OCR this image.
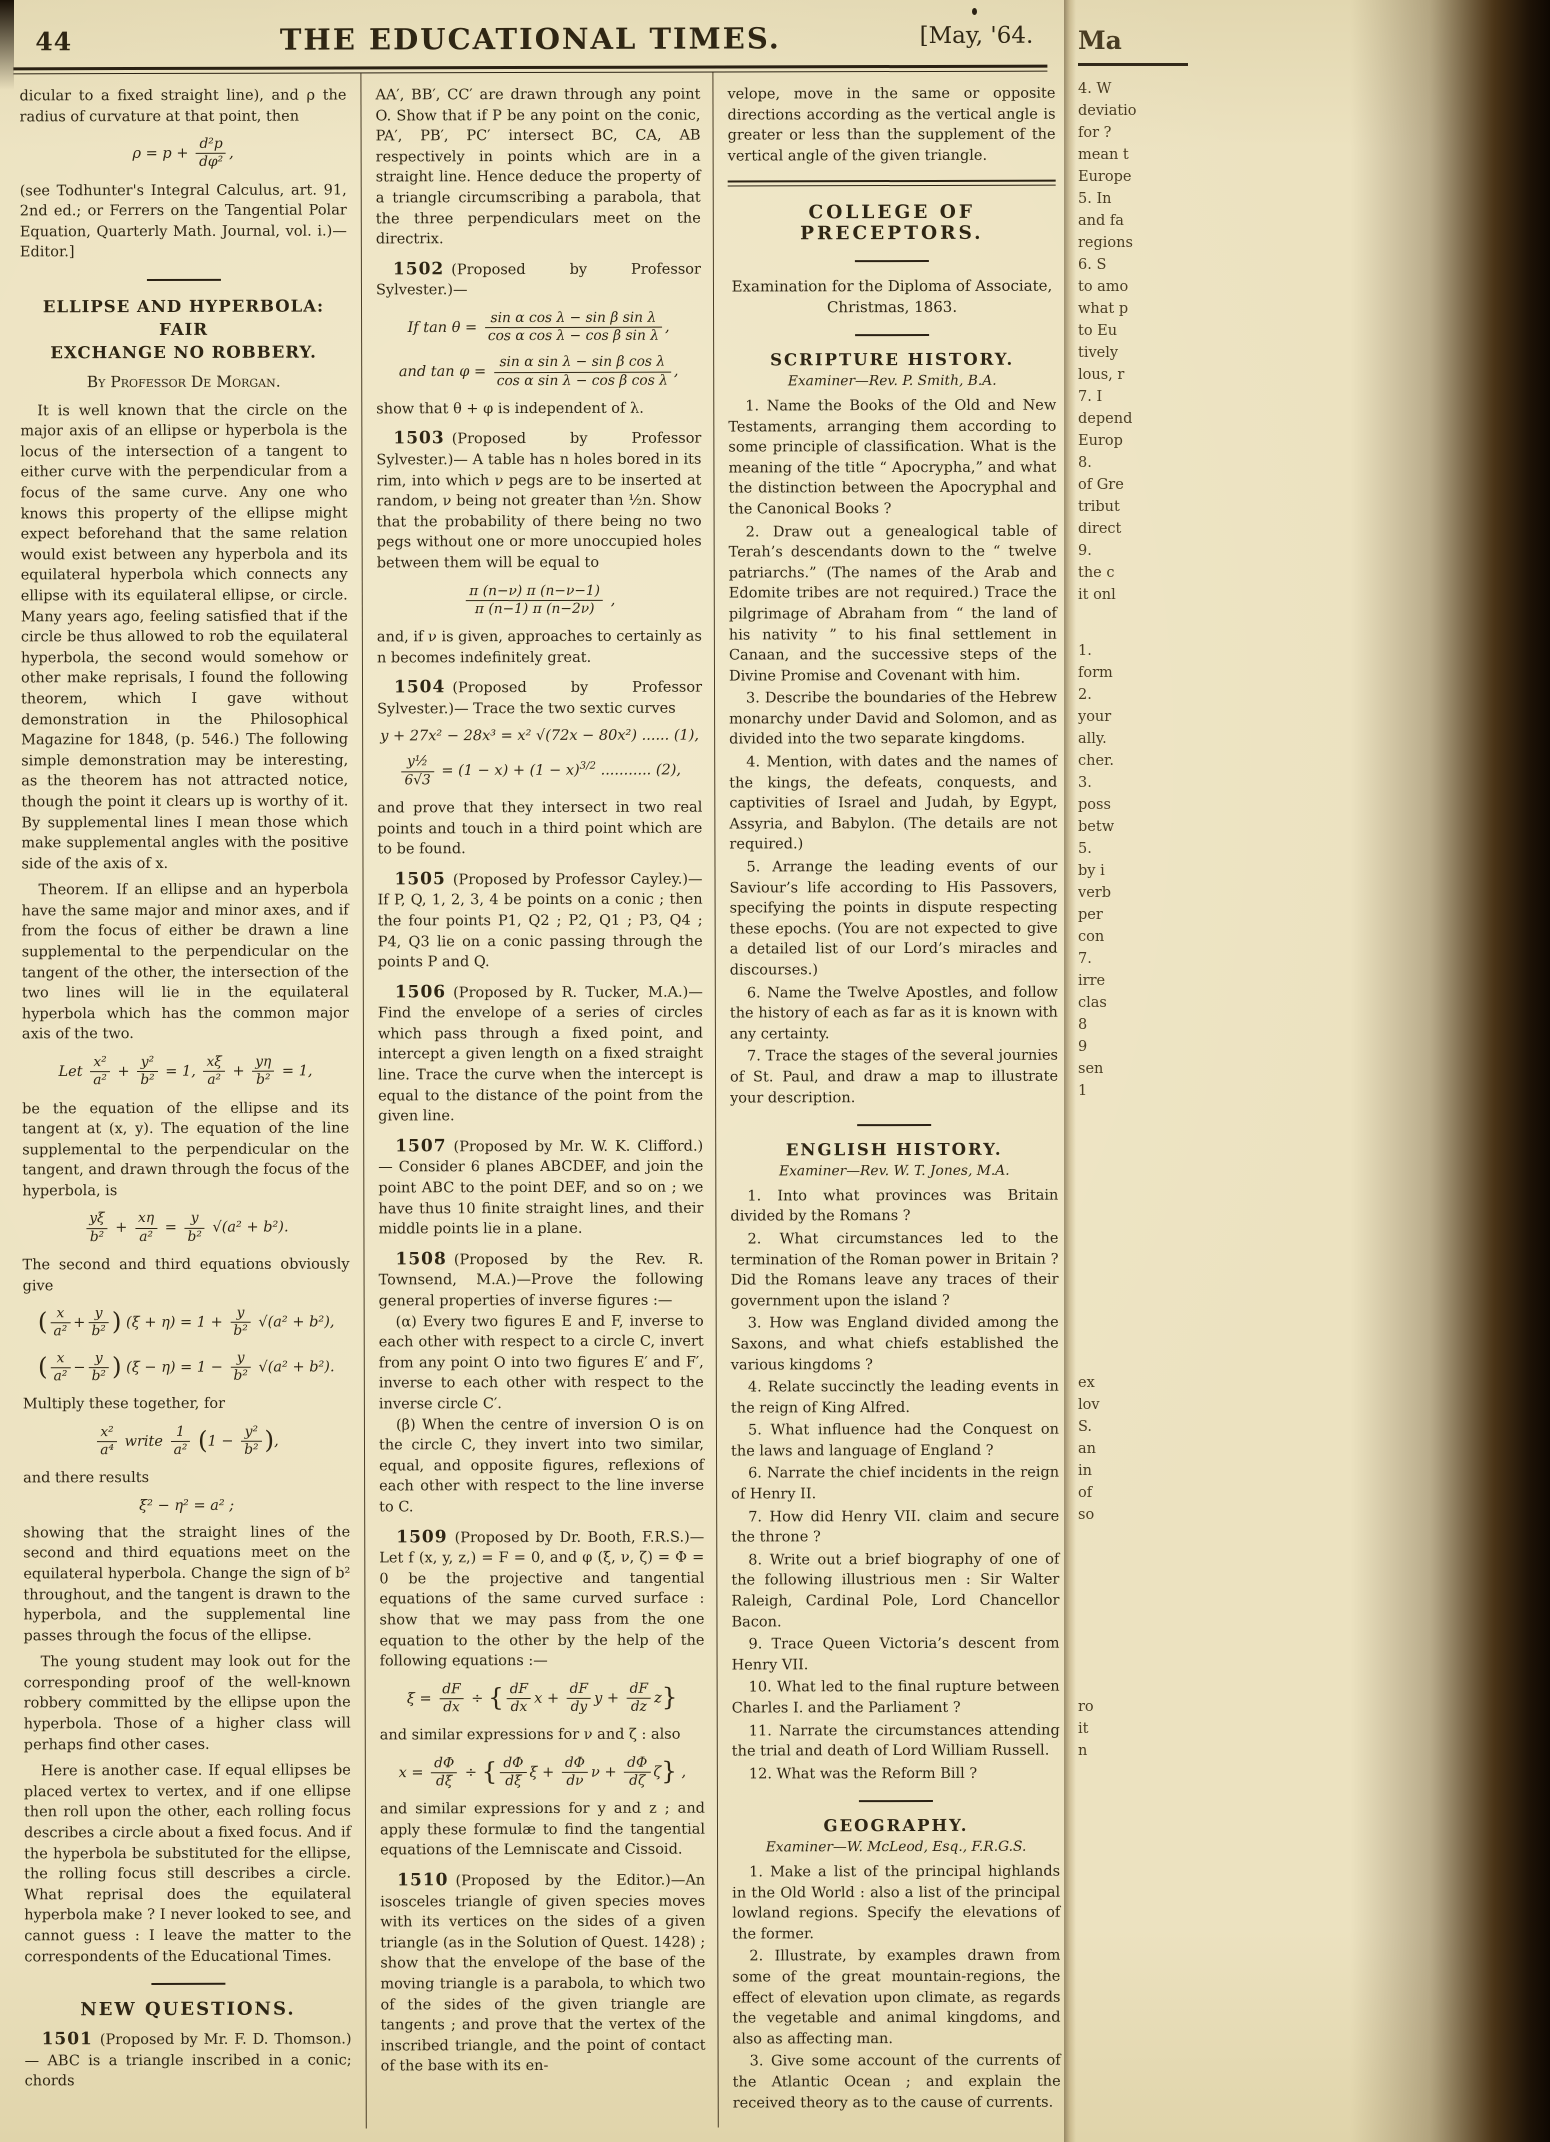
44	THE EDUCATIONAL TIMES.	[May, '64.

dicular to a fixed straight line), and ρ the radius of curvature at that point, then

$\rho = p + \frac{\text{d²p}}{\text{dφ²}}$ ,

(see Todhunter's Integral Calculus, art. 91, 2nd ed.; or Ferrers on the Tangential Polar Equation, Quarterly Math. Journal, vol. i.)—Editor.]

ELLIPSE AND HYPERBOLA: FAIR
EXCHANGE NO ROBBERY.

By Professor De Morgan.

It is well known that the circle on the major axis of an ellipse or hyperbola is the locus of the intersection of a tangent to either curve with the perpendicular from a focus of the same curve. Any one who knows this property of the ellipse might expect beforehand that the same relation would exist between any hyperbola and its equilateral hyperbola which connects any ellipse with its equilateral ellipse, or circle. Many years ago, feeling satisfied that if the circle be thus allowed to rob the equilateral hyperbola, the second would somehow or other make reprisals, I found the following theorem, which I gave without demonstration in the Philosophical Magazine for 1848, (p. 546.) The following simple demonstration may be interesting, as the theorem has not attracted notice, though the point it clears up is worthy of it. By supplemental lines I mean those which make supplemental angles with the positive side of the axis of x.

Theorem. If an ellipse and an hyperbola have the same major and minor axes, and if from the focus of either be drawn a line supplemental to the perpendicular on the tangent of the other, the intersection of the two lines will lie in the equilateral hyperbola which has the common major axis of the two.

Let $\frac{\text{x²}}{\text{a²}} + \frac{\text{y²}}{\text{b²}} = 1$, $\frac{x\xi}{\text{a²}} + \frac{y\eta}{\text{b²}} = 1$,

be the equation of the ellipse and its tangent at (x, y). The equation of the line supplemental to the perpendicular on the tangent, and drawn through the focus of the hyperbola, is

$\frac{y\xi}{\text{b²}} + \frac{x\eta}{\text{a²}} = \frac{y}{\text{b²}} √(a^2 + b^2)$.

The second and third equations obviously give

( $\frac{x}{\text{a²}} + \frac{y}{\text{b²}}$ ) $(\xi + \eta) = 1 + \frac{y}{\text{b²}} √(a^2 + b^2)$,
( $\frac{x}{\text{a²}} - \frac{y}{\text{b²}}$ ) $(\xi - \eta) = 1 - \frac{y}{\text{b²}} √(a^2 + b^2)$.

Multiply these together, for

$\frac{\text{x²}}{\text{a⁴}}$ write $\frac{1}{\text{a²}} (1 - \frac{\text{y²}}{\text{b²}}$ ),

and there results

ξ² − η² = a² ;

showing that the straight lines of the second and third equations meet on the equilateral hyperbola. Change the sign of b² throughout, and the tangent is drawn to the hyperbola, and the supplemental line passes through the focus of the ellipse.

The young student may look out for the corresponding proof of the well-known robbery committed by the ellipse upon the hyperbola. Those of a higher class will perhaps find other cases.

Here is another case. If equal ellipses be placed vertex to vertex, and if one ellipse then roll upon the other, each rolling focus describes a circle about a fixed focus. And if the hyperbola be substituted for the ellipse, the rolling focus still describes a circle. What reprisal does the equilateral hyperbola make ? I never looked to see, and cannot guess : I leave the matter to the correspondents of the Educational Times.

NEW QUESTIONS.

1501 (Proposed by Mr. F. D. Thomson.)— ABC is a triangle inscribed in a conic; chords

AA′, BB′, CC′ are drawn through any point O. Show that if P be any point on the conic, PA′, PB′, PC′ intersect BC, CA, AB respectively in points which are in a straight line. Hence deduce the property of a triangle circumscribing a parabola, that the three perpendiculars meet on the directrix.

1502 (Proposed by Professor Sylvester.)—

If $\tan \theta = \frac{\text{sin α cos λ − sin β sin λ}}{\text{cos α cos λ − cos β sin λ}}$ ,
and $\tan \varphi = \frac{\text{sin α sin λ − sin β cos λ}}{\text{cos α sin λ − cos β cos λ}}$ ,

show that θ + φ is independent of λ.

1503 (Proposed by Professor Sylvester.)— A table has n holes bored in its rim, into which ν pegs are to be inserted at random, ν being not greater than ½n. Show that the probability of there being no two pegs without one or more unoccupied holes between them will be equal to

$\frac{\pi (n-\nu) \pi (n-\nu-1)}{\pi (n-1) \pi (n-2\nu)}$ ,

and, if ν is given, approaches to certainly as n becomes indefinitely great.

1504 (Proposed by Professor Sylvester.)— Trace the two sextic curves

y + 27x² − 28x³ = x² √(72x − 80x²) ...... (1),
$\frac{\text{y½}}{6√3} = (1 - x) + (1 - x)^{3/2}$ ........... (2),

and prove that they intersect in two real points and touch in a third point which are to be found.

1505 (Proposed by Professor Cayley.)—If P, Q, 1, 2, 3, 4 be points on a conic ; then the four points P1, Q2 ; P2, Q1 ; P3, Q4 ; P4, Q3 lie on a conic passing through the points P and Q.

1506 (Proposed by R. Tucker, M.A.)—Find the envelope of a series of circles which pass through a fixed point, and intercept a given length on a fixed straight line. Trace the curve when the intercept is equal to the distance of the point from the given line.

1507 (Proposed by Mr. W. K. Clifford.)— Consider 6 planes ABCDEF, and join the point ABC to the point DEF, and so on ; we have thus 10 finite straight lines, and their middle points lie in a plane.

1508 (Proposed by the Rev. R. Townsend, M.A.)—Prove the following general properties of inverse figures :—

(α) Every two figures E and F, inverse to each other with respect to a circle C, invert from any point O into two figures E′ and F′, inverse to each other with respect to the inverse circle C′.

(β) When the centre of inversion O is on the circle C, they invert into two similar, equal, and opposite figures, reflexions of each other with respect to the line inverse to C.

1509 (Proposed by Dr. Booth, F.R.S.)—Let f (x, y, z,) = F = 0, and φ (ξ, ν, ζ) = Φ = 0 be the projective and tangential equations of the same curved surface : show that we may pass from the one equation to the other by the help of the following equations :—

$\xi = \frac{dF}{dx}$ ÷ { $\frac{dF}{dx}$ $x + \frac{dF}{dy}$ $y + \frac{dF}{dz} z$}

and similar expressions for ν and ζ : also

$x = \frac{d\Phi}{d\xi}$ ÷ { $\frac{d\Phi}{d\xi}$ $\xi + \frac{d\Phi}{d\nu}$ $\nu + \frac{d\Phi}{d\zeta} \zeta$} ,

and similar expressions for y and z ; and apply these formulæ to find the tangential equations of the Lemniscate and Cissoid.

1510 (Proposed by the Editor.)—An isosceles triangle of given species moves with its vertices on the sides of a given triangle (as in the Solution of Quest. 1428) ; show that the envelope of the base of the moving triangle is a parabola, to which two of the sides of the given triangle are tangents ; and prove that the vertex of the inscribed triangle, and the point of contact of the base with its en-

velope, move in the same or opposite directions according as the vertical angle is greater or less than the supplement of the vertical angle of the given triangle.

COLLEGE OF PRECEPTORS.

Examination for the Diploma of Associate,

Christmas, 1863.

SCRIPTURE HISTORY.

Examiner—Rev. P. Smith, B.A.

1. Name the Books of the Old and New Testaments, arranging them according to some principle of classification. What is the meaning of the title “ Apocrypha,” and what the distinction between the Apocryphal and the Canonical Books ?

2. Draw out a genealogical table of Terah’s descendants down to the “ twelve patriarchs.” (The names of the Arab and Edomite tribes are not required.) Trace the pilgrimage of Abraham from “ the land of his nativity ” to his final settlement in Canaan, and the successive steps of the Divine Promise and Covenant with him.

3. Describe the boundaries of the Hebrew monarchy under David and Solomon, and as divided into the two separate kingdoms.

4. Mention, with dates and the names of the kings, the defeats, conquests, and captivities of Israel and Judah, by Egypt, Assyria, and Babylon. (The details are not required.)

5. Arrange the leading events of our Saviour’s life according to His Passovers, specifying the points in dispute respecting these epochs. (You are not expected to give a detailed list of our Lord’s miracles and discourses.)

6. Name the Twelve Apostles, and follow the history of each as far as it is known with any certainty.

7. Trace the stages of the several journies of St. Paul, and draw a map to illustrate your description.

ENGLISH HISTORY.

Examiner—Rev. W. T. Jones, M.A.

1. Into what provinces was Britain divided by the Romans ?

2. What circumstances led to the termination of the Roman power in Britain ? Did the Romans leave any traces of their government upon the island ?

3. How was England divided among the Saxons, and what chiefs established the various kingdoms ?

4. Relate succinctly the leading events in the reign of King Alfred.

5. What influence had the Conquest on the laws and language of England ?

6. Narrate the chief incidents in the reign of Henry II.

7. How did Henry VII. claim and secure the throne ?

8. Write out a brief biography of one of the following illustrious men : Sir Walter Raleigh, Cardinal Pole, Lord Chancellor Bacon.

9. Trace Queen Victoria’s descent from Henry VII.

10. What led to the final rupture between Charles I. and the Parliament ?

11. Narrate the circumstances attending the trial and death of Lord William Russell.

12. What was the Reform Bill ?

GEOGRAPHY.

Examiner—W. McLeod, Esq., F.R.G.S.

1. Make a list of the principal highlands in the Old World : also a list of the principal lowland regions. Specify the elevations of the former.

2. Illustrate, by examples drawn from some of the great mountain-regions, the effect of elevation upon climate, as regards the vegetable and animal kingdoms, and also as affecting man.

3. Give some account of the currents of the Atlantic Ocean ; and explain the received theory as to the cause of currents.

Ma
4. W
deviatio
for ?
mean t
Europe
5. In
and fa
regions
6. S
to amo
what p
to Eu
tively
lous, r
7. I
depend
Europ
8.
of Gre
tribut
direct
9.
the c
it onl
1.
form
2.
your
ally.
cher.
3.
poss
betw
5.
by i
verb
per
con
7.
irre
clas
8
9
sen
1
ex
lov
S.
an
in
of
so
ro
it
n
